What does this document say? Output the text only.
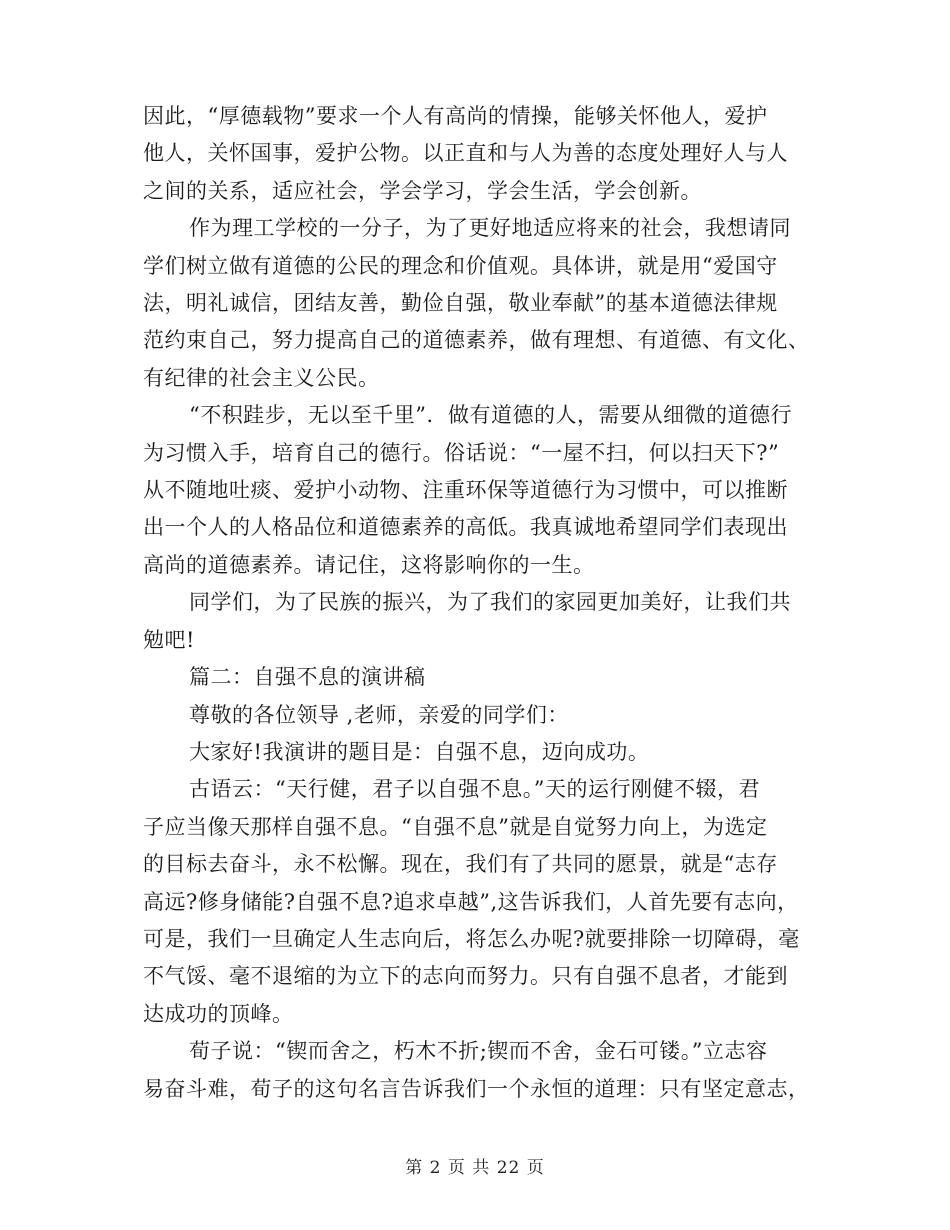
因此，“厚德载物”要求一个人有高尚的情操，能够关怀他人，爱护
他人，关怀国事，爱护公物。以正直和与人为善的态度处理好人与人
之间的关系，适应社会，学会学习，学会生活，学会创新。
作为理工学校的一分子，为了更好地适应将来的社会，我想请同
学们树立做有道德的公民的理念和价值观。具体讲，就是用“爱国守
法，明礼诚信，团结友善，勤俭自强，敬业奉献”的基本道德法律规
范约束自己，努力提高自己的道德素养，做有理想、有道德、有文化、
有纪律的社会主义公民。
“不积跬步，无以至千里”．做有道德的人，需要从细微的道德行
为习惯入手，培育自己的德行。俗话说：“一屋不扫，何以扫天下?”
从不随地吐痰、爱护小动物、注重环保等道德行为习惯中，可以推断
出一个人的人格品位和道德素养的高低。我真诚地希望同学们表现出
高尚的道德素养。请记住，这将影响你的一生。
同学们，为了民族的振兴，为了我们的家园更加美好，让我们共
勉吧!
篇二：自强不息的演讲稿
尊敬的各位领导 ,老师，亲爱的同学们：
大家好!我演讲的题目是：自强不息，迈向成功。
古语云：“天行健，君子以自强不息。”天的运行刚健不辍，君
子应当像天那样自强不息。“自强不息”就是自觉努力向上，为选定
的目标去奋斗，永不松懈。现在，我们有了共同的愿景，就是“志存
高远?修身储能?自强不息?追求卓越”,这告诉我们，人首先要有志向，
可是，我们一旦确定人生志向后，将怎么办呢?就要排除一切障碍，毫
不气馁、毫不退缩的为立下的志向而努力。只有自强不息者，才能到
达成功的顶峰。
荀子说：“锲而舍之，朽木不折;锲而不舍，金石可镂。”立志容
易奋斗难，荀子的这句名言告诉我们一个永恒的道理：只有坚定意志，

第 2 页 共 22 页
